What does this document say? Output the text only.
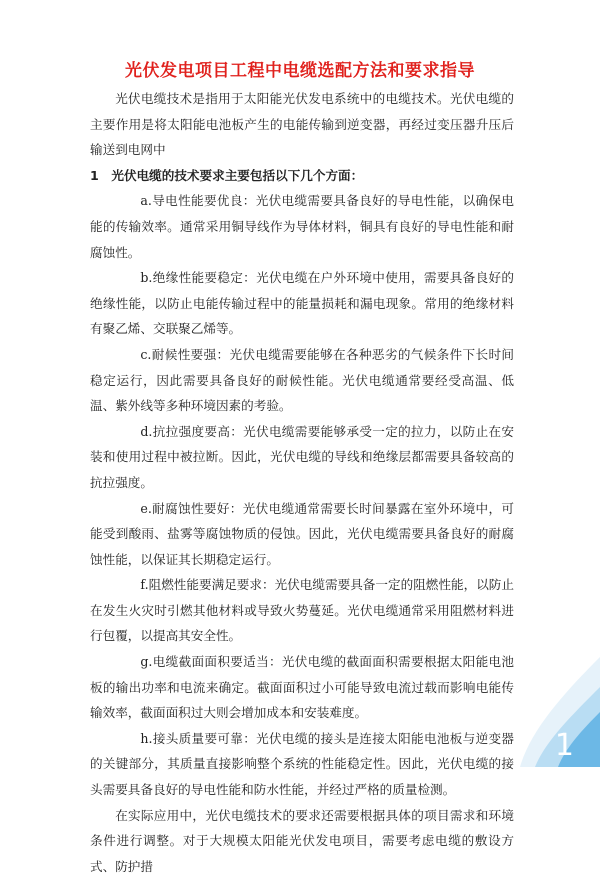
光伏发电项目工程中电缆选配方法和要求指导

光伏电缆技术是指用于太阳能光伏发电系统中的电缆技术。光伏电缆的主要作用是将太阳能电池板产生的电能传输到逆变器，再经过变压器升压后输送到电网中

1　光伏电缆的技术要求主要包括以下几个方面：

a.导电性能要优良：光伏电缆需要具备良好的导电性能，以确保电能的传输效率。通常采用铜导线作为导体材料，铜具有良好的导电性能和耐腐蚀性。

b.绝缘性能要稳定：光伏电缆在户外环境中使用，需要具备良好的绝缘性能，以防止电能传输过程中的能量损耗和漏电现象。常用的绝缘材料有聚乙烯、交联聚乙烯等。

c.耐候性要强：光伏电缆需要能够在各种恶劣的气候条件下长时间稳定运行，因此需要具备良好的耐候性能。光伏电缆通常要经受高温、低温、紫外线等多种环境因素的考验。

d.抗拉强度要高：光伏电缆需要能够承受一定的拉力，以防止在安装和使用过程中被拉断。因此，光伏电缆的导线和绝缘层都需要具备较高的抗拉强度。

e.耐腐蚀性要好：光伏电缆通常需要长时间暴露在室外环境中，可能受到酸雨、盐雾等腐蚀物质的侵蚀。因此，光伏电缆需要具备良好的耐腐蚀性能，以保证其长期稳定运行。

f.阻燃性能要满足要求：光伏电缆需要具备一定的阻燃性能，以防止在发生火灾时引燃其他材料或导致火势蔓延。光伏电缆通常采用阻燃材料进行包覆，以提高其安全性。

g.电缆截面面积要适当：光伏电缆的截面面积需要根据太阳能电池板的输出功率和电流来确定。截面面积过小可能导致电流过载而影响电能传输效率，截面面积过大则会增加成本和安装难度。

h.接头质量要可靠：光伏电缆的接头是连接太阳能电池板与逆变器的关键部分，其质量直接影响整个系统的性能稳定性。因此，光伏电缆的接头需要具备良好的导电性能和防水性能，并经过严格的质量检测。

在实际应用中，光伏电缆技术的要求还需要根据具体的项目需求和环境条件进行调整。对于大规模太阳能光伏发电项目，需要考虑电缆的敷设方式、防护措

1
